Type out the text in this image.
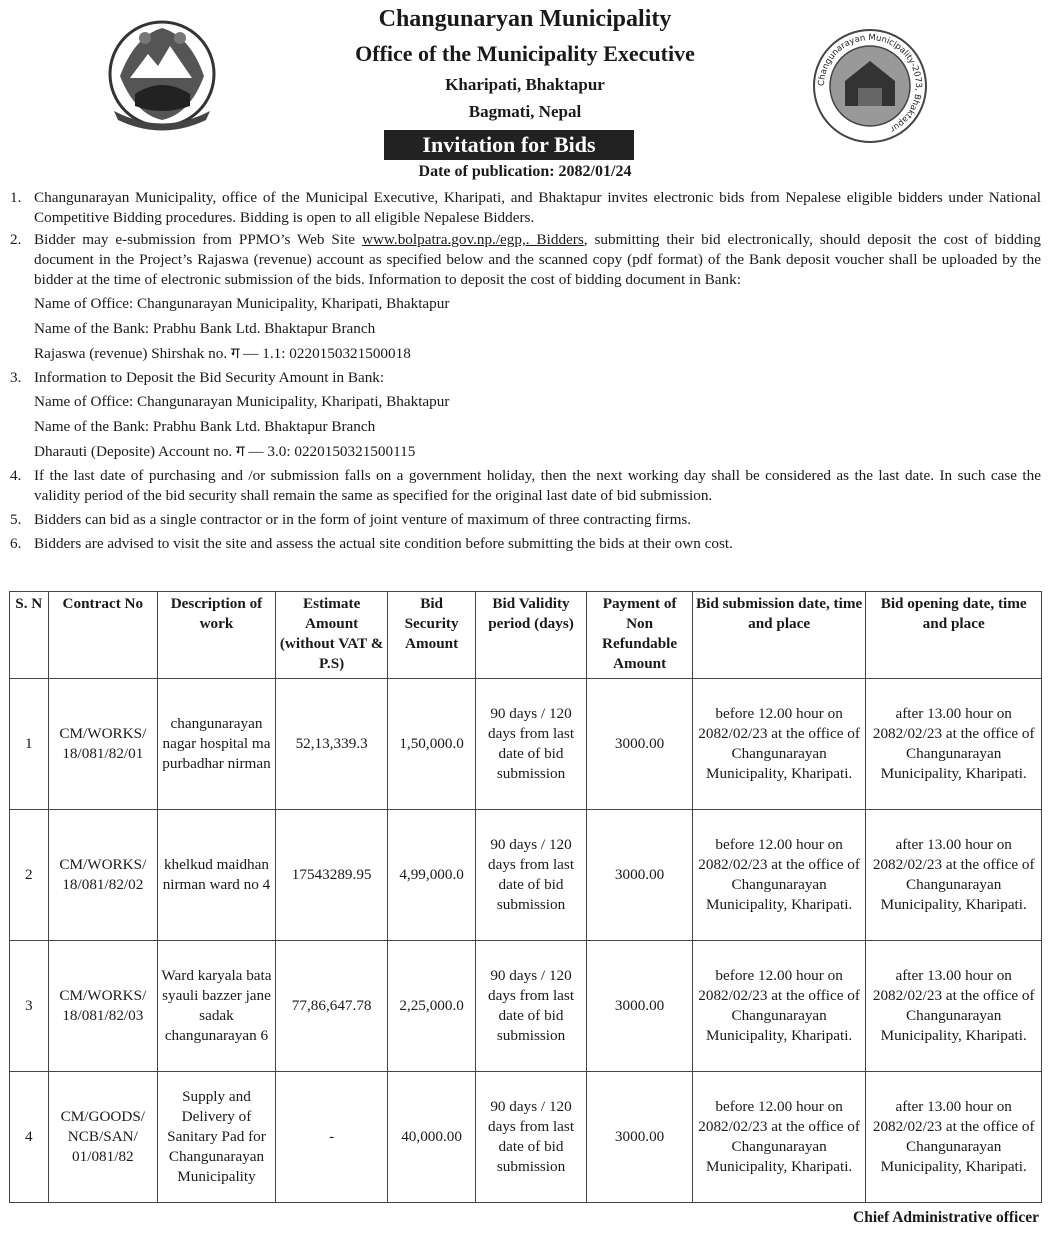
Changunaryan Municipality
Office of the Municipality Executive
Kharipati, Bhaktapur
Bagmati, Nepal
Invitation for Bids
Date of publication: 2082/01/24
Changunarayan Municipality-2073, Bhaktapur
1. Changunarayan Municipality, office of the Municipal Executive, Kharipati, and Bhaktapur invites electronic bids from Nepalese eligible bidders under National Competitive Bidding procedures. Bidding is open to all eligible Nepalese Bidders.
2. Bidder may e-submission from PPMO’s Web Site www.bolpatra.gov.np./egp,. Bidders, submitting their bid electronically, should deposit the cost of bidding document in the Project’s Rajaswa (revenue) account as specified below and the scanned copy (pdf format) of the Bank deposit voucher shall be uploaded by the bidder at the time of electronic submission of the bids. Information to deposit the cost of bidding document in Bank:
Name of Office: Changunarayan Municipality, Kharipati, Bhaktapur
Name of the Bank: Prabhu Bank Ltd. Bhaktapur Branch
Rajaswa (revenue) Shirshak no. ग — 1.1: 0220150321500018
3. Information to Deposit the Bid Security Amount in Bank:
Name of Office: Changunarayan Municipality, Kharipati, Bhaktapur
Name of the Bank: Prabhu Bank Ltd. Bhaktapur Branch
Dharauti (Deposite) Account no. ग — 3.0: 0220150321500115
4. If the last date of purchasing and /or submission falls on a government holiday, then the next working day shall be considered as the last date. In such case the validity period of the bid security shall remain the same as specified for the original last date of bid submission.
5. Bidders can bid as a single contractor or in the form of joint venture of maximum of three contracting firms.
6. Bidders are advised to visit the site and assess the actual site condition before submitting the bids at their own cost.
S. N	Contract No	Description of work	Estimate Amount (without VAT & P.S)	Bid Security Amount	Bid Validity period (days)	Payment of Non Refundable Amount	Bid submission date, time and place	Bid opening date, time and place
1	CM/WORKS/ 18/081/82/01	changunarayan nagar hospital ma purbadhar nirman	52,13,339.3	1,50,000.0	90 days / 120 days from last date of bid submission	3000.00	before 12.00 hour on 2082/02/23 at the office of Changunarayan Municipality, Kharipati.	after 13.00 hour on 2082/02/23 at the office of Changunarayan Municipality, Kharipati.
2	CM/WORKS/ 18/081/82/02	khelkud maidhan nirman ward no 4	17543289.95	4,99,000.0	90 days / 120 days from last date of bid submission	3000.00	before 12.00 hour on 2082/02/23 at the office of Changunarayan Municipality, Kharipati.	after 13.00 hour on 2082/02/23 at the office of Changunarayan Municipality, Kharipati.
3	CM/WORKS/ 18/081/82/03	Ward karyala bata syauli bazzer jane sadak changunarayan 6	77,86,647.78	2,25,000.0	90 days / 120 days from last date of bid submission	3000.00	before 12.00 hour on 2082/02/23 at the office of Changunarayan Municipality, Kharipati.	after 13.00 hour on 2082/02/23 at the office of Changunarayan Municipality, Kharipati.
4	CM/GOODS/ NCB/SAN/ 01/081/82	Supply and Delivery of Sanitary Pad for Changunarayan Municipality	-	40,000.00	90 days / 120 days from last date of bid submission	3000.00	before 12.00 hour on 2082/02/23 at the office of Changunarayan Municipality, Kharipati.	after 13.00 hour on 2082/02/23 at the office of Changunarayan Municipality, Kharipati.
Chief Administrative officer
